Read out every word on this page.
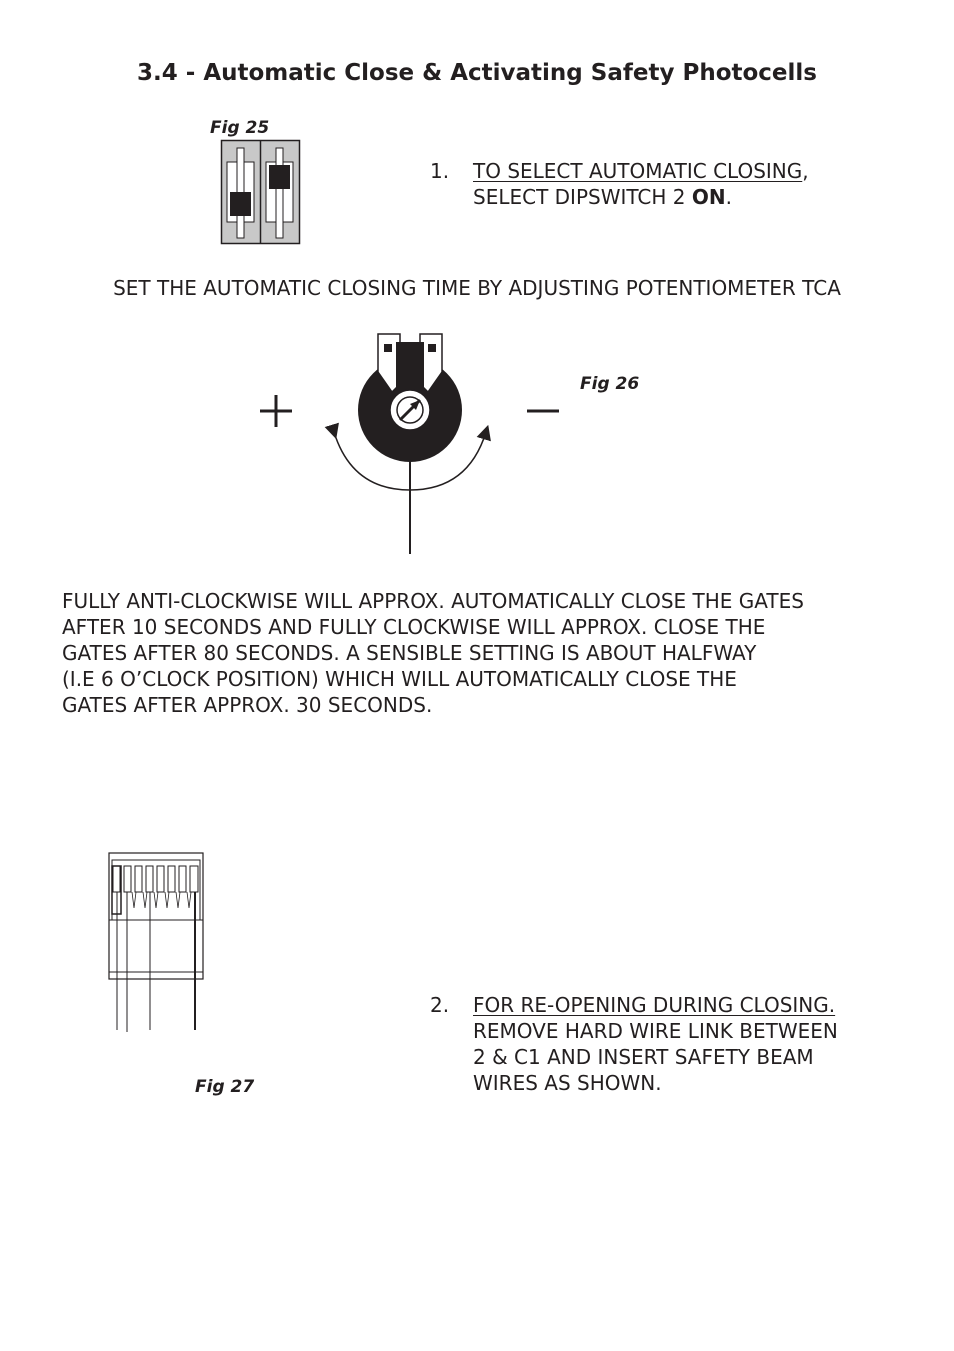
3.4 - Automatic Close & Activating Safety Photocells
Fig 25
1. TO SELECT AUTOMATIC CLOSING,
SELECT DIPSWITCH 2 ON.
SET THE AUTOMATIC CLOSING TIME BY ADJUSTING POTENTIOMETER TCA
Fig 26
FULLY ANTI-CLOCKWISE WILL APPROX. AUTOMATICALLY CLOSE THE GATES
AFTER 10 SECONDS AND FULLY CLOCKWISE WILL APPROX. CLOSE THE
GATES AFTER 80 SECONDS. A SENSIBLE SETTING IS ABOUT HALFWAY
(I.E 6 O’CLOCK POSITION) WHICH WILL AUTOMATICALLY CLOSE THE
GATES AFTER APPROX. 30 SECONDS.
Fig 27
2. FOR RE-OPENING DURING CLOSING.
REMOVE HARD WIRE LINK BETWEEN
2 & C1 AND INSERT SAFETY BEAM
WIRES AS SHOWN.
